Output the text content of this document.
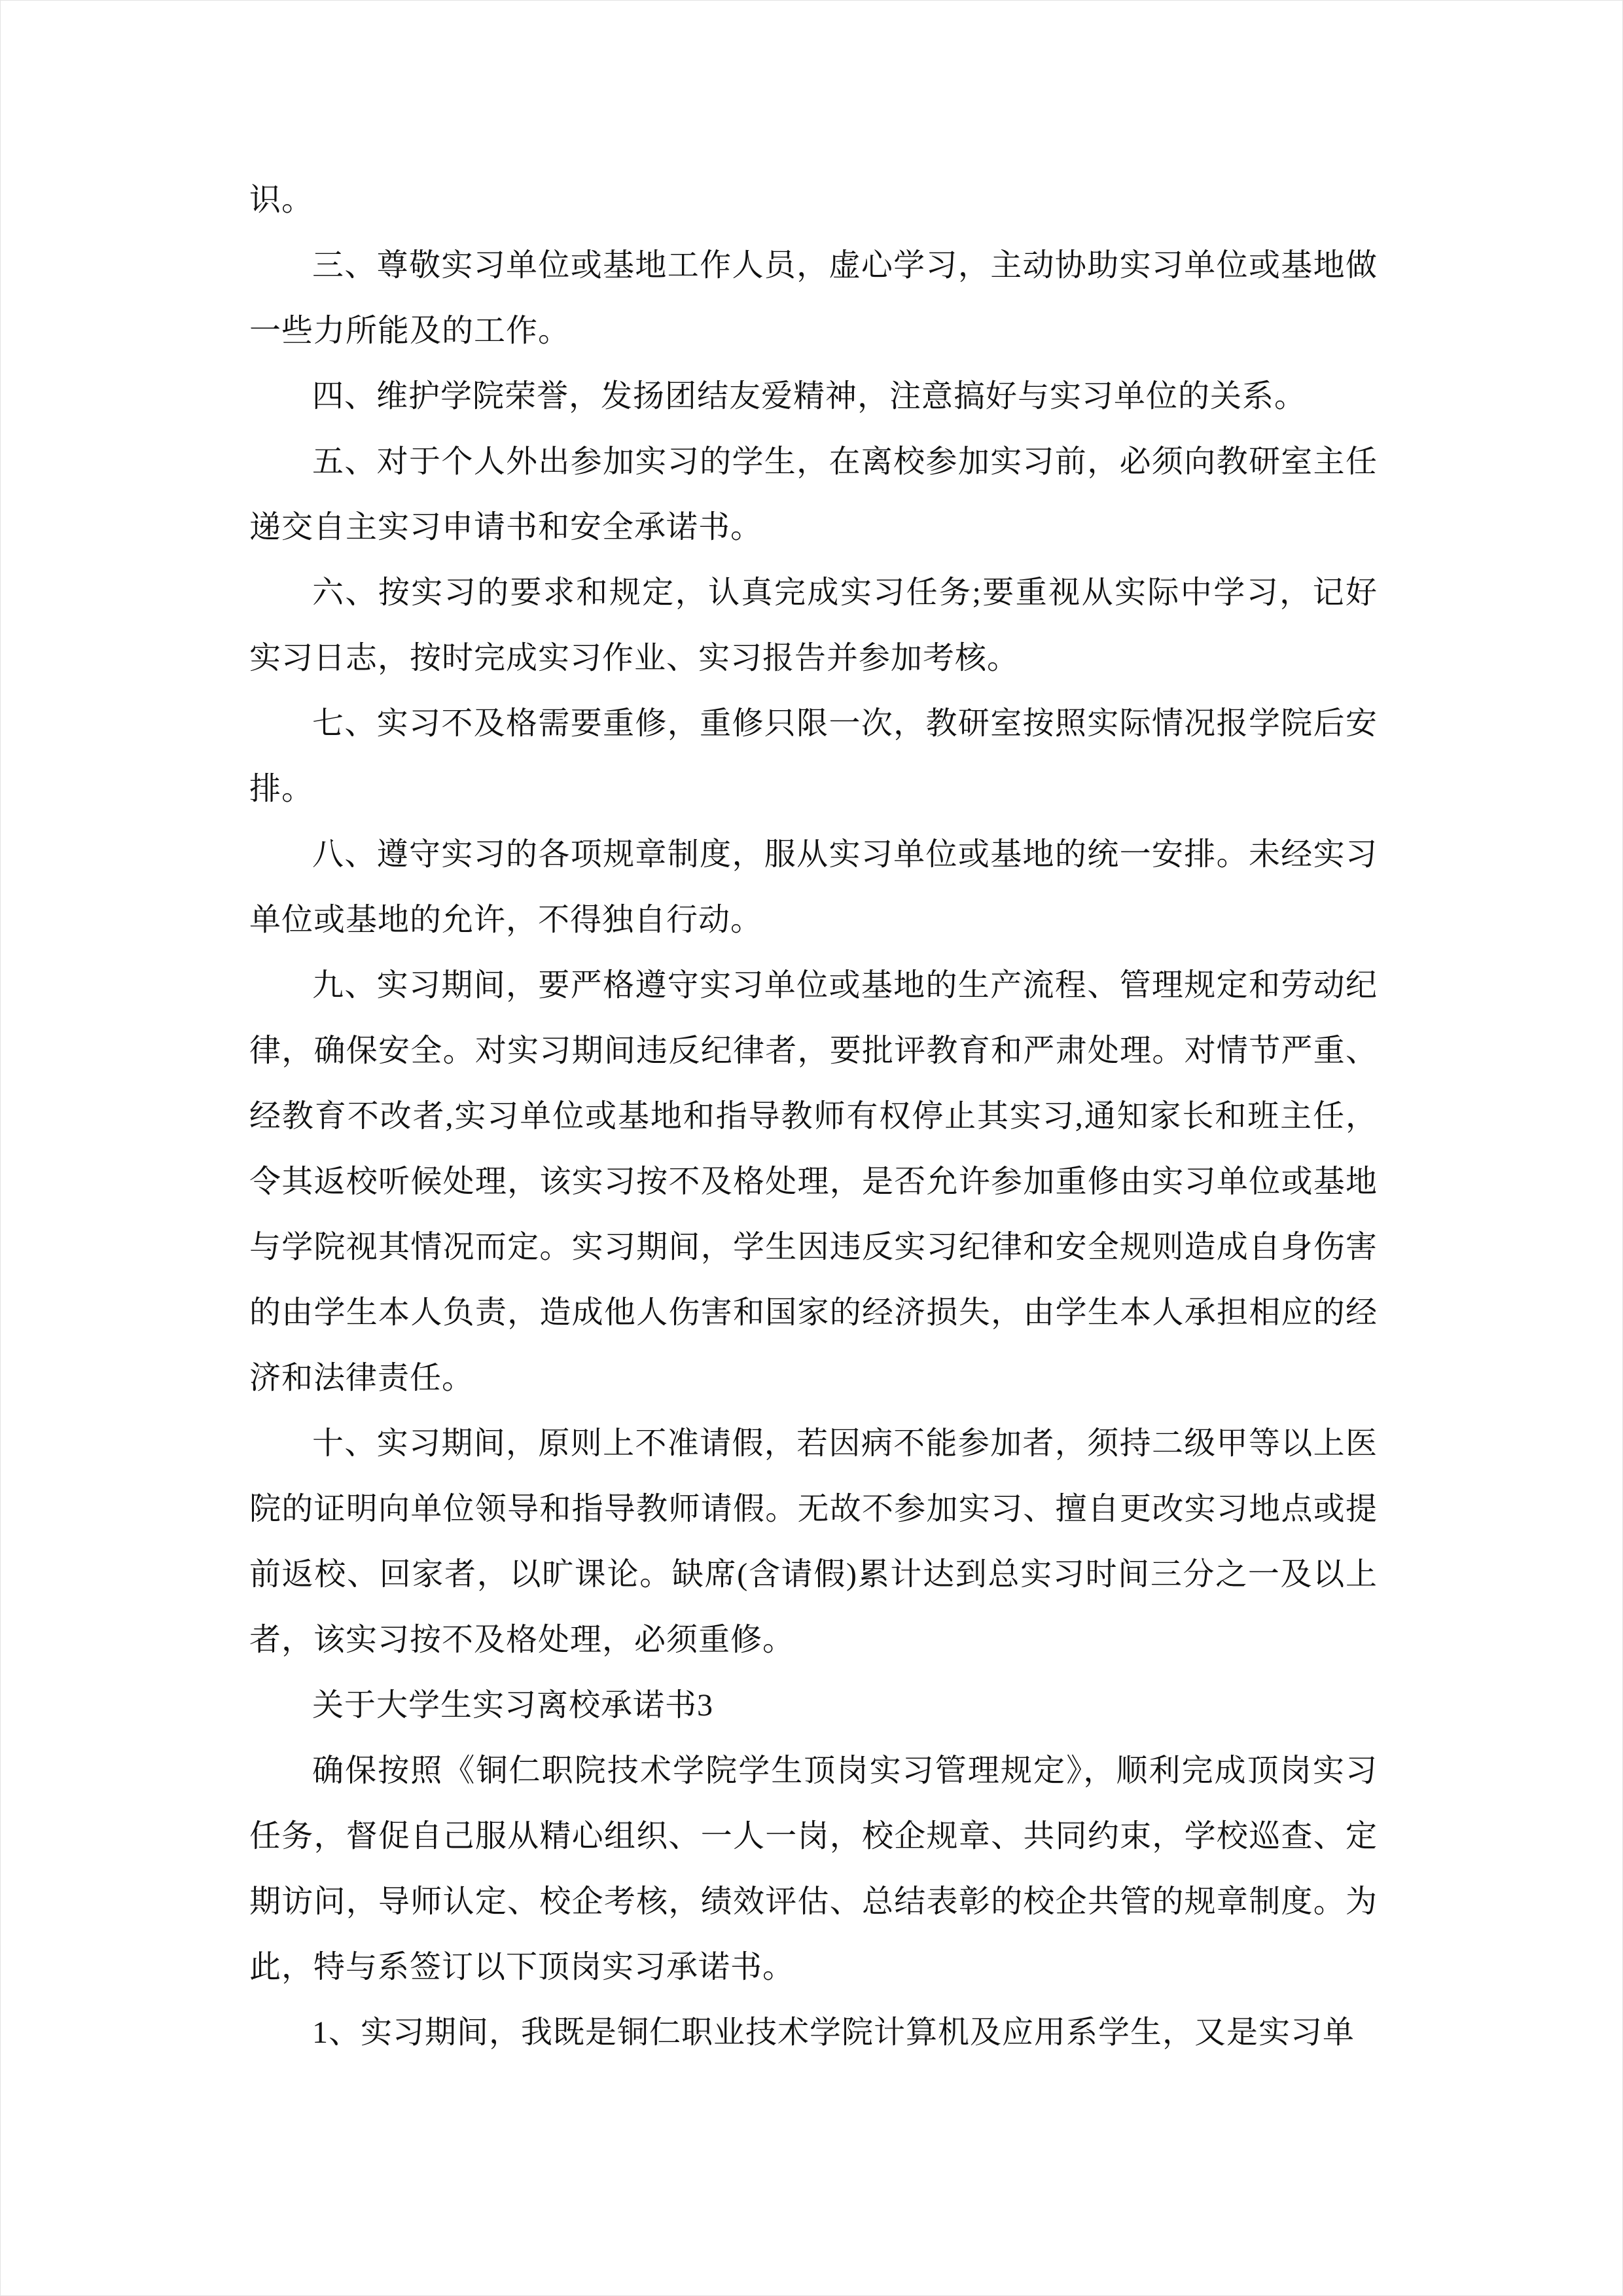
识。

三、尊敬实习单位或基地工作人员，虚心学习，主动协助实习单位或基地做一些力所能及的工作。

四、维护学院荣誉，发扬团结友爱精神，注意搞好与实习单位的关系。

五、对于个人外出参加实习的学生，在离校参加实习前，必须向教研室主任递交自主实习申请书和安全承诺书。

六、按实习的要求和规定，认真完成实习任务;要重视从实际中学习，记好实习日志，按时完成实习作业、实习报告并参加考核。

七、实习不及格需要重修，重修只限一次，教研室按照实际情况报学院后安排。

八、遵守实习的各项规章制度，服从实习单位或基地的统一安排。未经实习单位或基地的允许，不得独自行动。

九、实习期间，要严格遵守实习单位或基地的生产流程、管理规定和劳动纪律，确保安全。对实习期间违反纪律者，要批评教育和严肃处理。对情节严重、经教育不改者,实习单位或基地和指导教师有权停止其实习,通知家长和班主任，令其返校听候处理，该实习按不及格处理，是否允许参加重修由实习单位或基地与学院视其情况而定。实习期间，学生因违反实习纪律和安全规则造成自身伤害的由学生本人负责，造成他人伤害和国家的经济损失，由学生本人承担相应的经济和法律责任。

十、实习期间，原则上不准请假，若因病不能参加者，须持二级甲等以上医院的证明向单位领导和指导教师请假。无故不参加实习、擅自更改实习地点或提前返校、回家者，以旷课论。缺席(含请假)累计达到总实习时间三分之一及以上者，该实习按不及格处理，必须重修。

关于大学生实习离校承诺书3

确保按照《铜仁职院技术学院学生顶岗实习管理规定》，顺利完成顶岗实习任务，督促自己服从精心组织、一人一岗，校企规章、共同约束，学校巡查、定期访问，导师认定、校企考核，绩效评估、总结表彰的校企共管的规章制度。为此，特与系签订以下顶岗实习承诺书。

1、实习期间，我既是铜仁职业技术学院计算机及应用系学生，又是实习单
